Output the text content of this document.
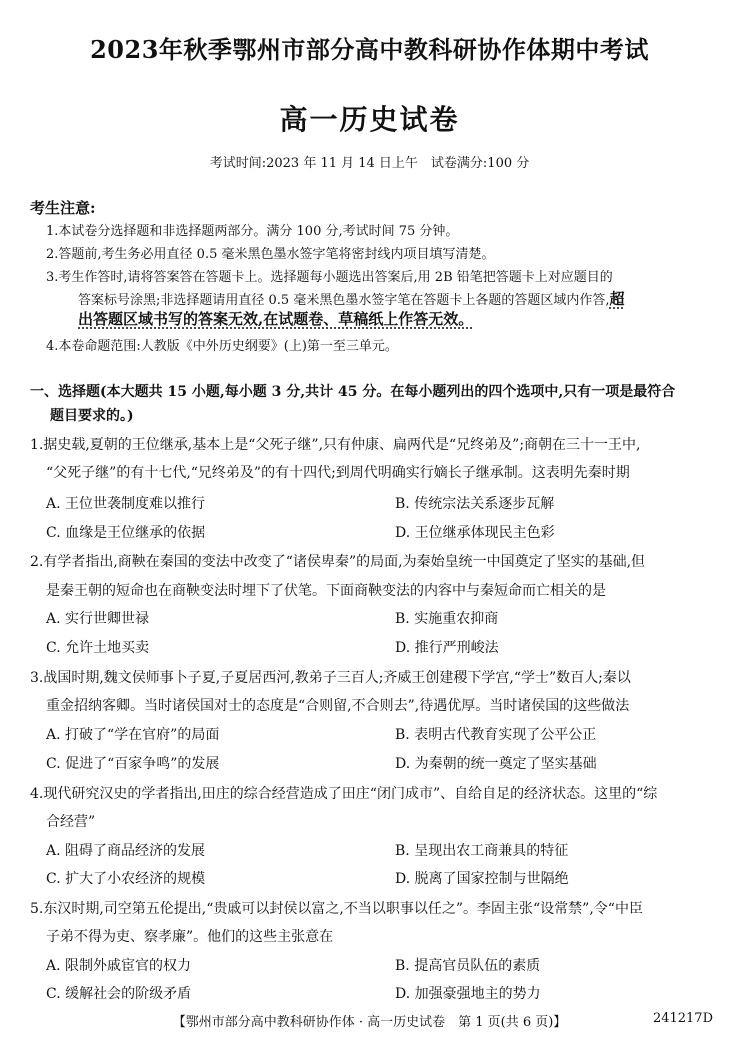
2023年秋季鄂州市部分高中教科研协作体期中考试
高一历史试卷
考试时间:2023 年 11 月 14 日上午　试卷满分:100 分
考生注意:
1.本试卷分选择题和非选择题两部分。满分 100 分,考试时间 75 分钟。
2.答题前,考生务必用直径 0.5 毫米黑色墨水签字笔将密封线内项目填写清楚。
3.考生作答时,请将答案答在答题卡上。选择题每小题选出答案后,用 2B 铅笔把答题卡上对应题目的
答案标号涂黑;非选择题请用直径 0.5 毫米黑色墨水签字笔在答题卡上各题的答题区域内作答,超
出答题区域书写的答案无效,在试题卷、草稿纸上作答无效。
4.本卷命题范围:人教版《中外历史纲要》(上)第一至三单元。
一、选择题(本大题共 15 小题,每小题 3 分,共计 45 分。在每小题列出的四个选项中,只有一项是最符合
题目要求的。)
1.据史载,夏朝的王位继承,基本上是“父死子继”,只有仲康、扁两代是“兄终弟及”;商朝在三十一王中,
“父死子继”的有十七代,“兄终弟及”的有十四代;到周代明确实行嫡长子继承制。这表明先秦时期
A. 王位世袭制度难以推行	B. 传统宗法关系逐步瓦解
C. 血缘是王位继承的依据	D. 王位继承体现民主色彩
2.有学者指出,商鞅在秦国的变法中改变了“诸侯卑秦”的局面,为秦始皇统一中国奠定了坚实的基础,但
是秦王朝的短命也在商鞅变法时埋下了伏笔。下面商鞅变法的内容中与秦短命而亡相关的是
A. 实行世卿世禄	B. 实施重农抑商
C. 允许土地买卖	D. 推行严刑峻法
3.战国时期,魏文侯师事卜子夏,子夏居西河,教弟子三百人;齐威王创建稷下学宫,“学士”数百人;秦以
重金招纳客卿。当时诸侯国对士的态度是“合则留,不合则去”,待遇优厚。当时诸侯国的这些做法
A. 打破了“学在官府”的局面	B. 表明古代教育实现了公平公正
C. 促进了“百家争鸣”的发展	D. 为秦朝的统一奠定了坚实基础
4.现代研究汉史的学者指出,田庄的综合经营造成了田庄“闭门成市”、自给自足的经济状态。这里的“综
合经营”
A. 阻碍了商品经济的发展	B. 呈现出农工商兼具的特征
C. 扩大了小农经济的规模	D. 脱离了国家控制与世隔绝
5.东汉时期,司空第五伦提出,“贵戚可以封侯以富之,不当以职事以任之”。李固主张“设常禁”,令“中臣
子弟不得为吏、察孝廉”。他们的这些主张意在
A. 限制外戚宦官的权力	B. 提高官员队伍的素质
C. 缓解社会的阶级矛盾	D. 加强豪强地主的势力
【鄂州市部分高中教科研协作体 · 高一历史试卷　第 1 页(共 6 页)】	241217D
